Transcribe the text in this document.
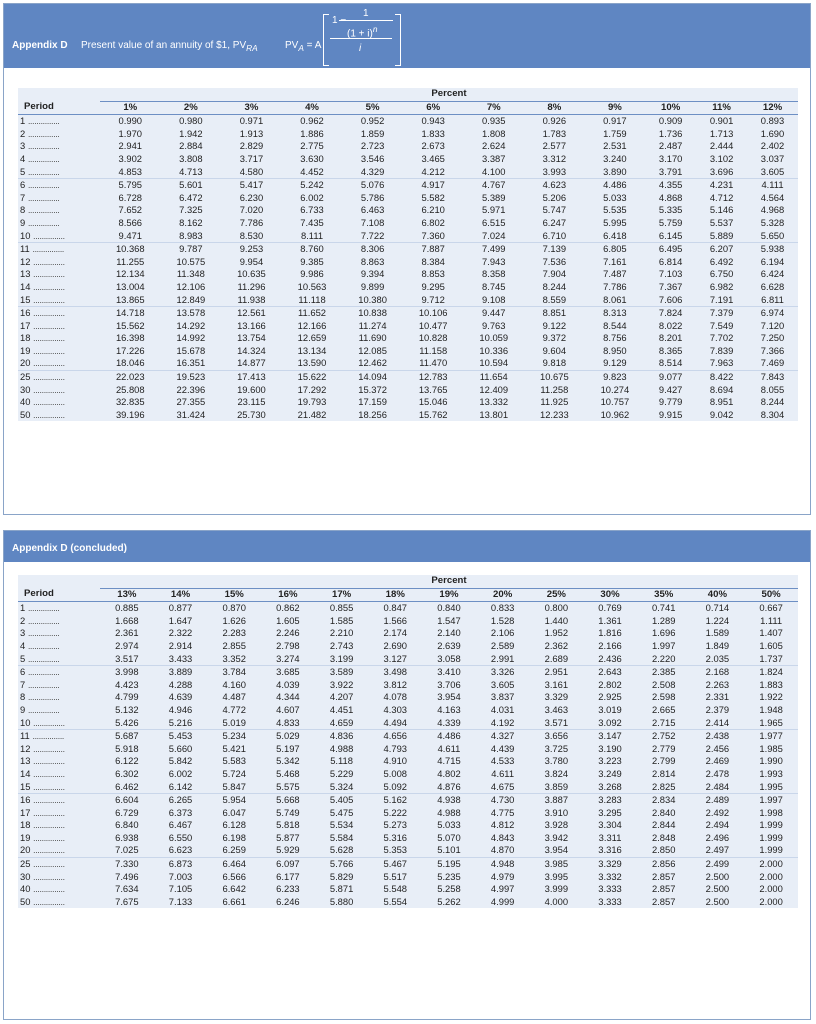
Appendix D Present value of an annuity of $1, $PV_{RA}$	$PV_A = A$
1 −
1
$(1 + i)^n$
i
	Percent											
Period	1%	2%	3%	4%	5%	6%	7%	8%	9%	10%	11%	12%
1 ...............	0.990	0.980	0.971	0.962	0.952	0.943	0.935	0.926	0.917	0.909	0.901	0.893
2 ...............	1.970	1.942	1.913	1.886	1.859	1.833	1.808	1.783	1.759	1.736	1.713	1.690
3 ...............	2.941	2.884	2.829	2.775	2.723	2.673	2.624	2.577	2.531	2.487	2.444	2.402
4 ...............	3.902	3.808	3.717	3.630	3.546	3.465	3.387	3.312	3.240	3.170	3.102	3.037
5 ...............	4.853	4.713	4.580	4.452	4.329	4.212	4.100	3.993	3.890	3.791	3.696	3.605
6 ...............	5.795	5.601	5.417	5.242	5.076	4.917	4.767	4.623	4.486	4.355	4.231	4.111
7 ...............	6.728	6.472	6.230	6.002	5.786	5.582	5.389	5.206	5.033	4.868	4.712	4.564
8 ...............	7.652	7.325	7.020	6.733	6.463	6.210	5.971	5.747	5.535	5.335	5.146	4.968
9 ...............	8.566	8.162	7.786	7.435	7.108	6.802	6.515	6.247	5.995	5.759	5.537	5.328
10 ...............	9.471	8.983	8.530	8.111	7.722	7.360	7.024	6.710	6.418	6.145	5.889	5.650
11 ...............	10.368	9.787	9.253	8.760	8.306	7.887	7.499	7.139	6.805	6.495	6.207	5.938
12 ...............	11.255	10.575	9.954	9.385	8.863	8.384	7.943	7.536	7.161	6.814	6.492	6.194
13 ...............	12.134	11.348	10.635	9.986	9.394	8.853	8.358	7.904	7.487	7.103	6.750	6.424
14 ...............	13.004	12.106	11.296	10.563	9.899	9.295	8.745	8.244	7.786	7.367	6.982	6.628
15 ...............	13.865	12.849	11.938	11.118	10.380	9.712	9.108	8.559	8.061	7.606	7.191	6.811
16 ...............	14.718	13.578	12.561	11.652	10.838	10.106	9.447	8.851	8.313	7.824	7.379	6.974
17 ...............	15.562	14.292	13.166	12.166	11.274	10.477	9.763	9.122	8.544	8.022	7.549	7.120
18 ...............	16.398	14.992	13.754	12.659	11.690	10.828	10.059	9.372	8.756	8.201	7.702	7.250
19 ...............	17.226	15.678	14.324	13.134	12.085	11.158	10.336	9.604	8.950	8.365	7.839	7.366
20 ...............	18.046	16.351	14.877	13.590	12.462	11.470	10.594	9.818	9.129	8.514	7.963	7.469
25 ...............	22.023	19.523	17.413	15.622	14.094	12.783	11.654	10.675	9.823	9.077	8.422	7.843
30 ...............	25.808	22.396	19.600	17.292	15.372	13.765	12.409	11.258	10.274	9.427	8.694	8.055
40 ...............	32.835	27.355	23.115	19.793	17.159	15.046	13.332	11.925	10.757	9.779	8.951	8.244
50 ...............	39.196	31.424	25.730	21.482	18.256	15.762	13.801	12.233	10.962	9.915	9.042	8.304
Appendix D (concluded)
	Percent												
Period	13%	14%	15%	16%	17%	18%	19%	20%	25%	30%	35%	40%	50%
1 ...............	0.885	0.877	0.870	0.862	0.855	0.847	0.840	0.833	0.800	0.769	0.741	0.714	0.667
2 ...............	1.668	1.647	1.626	1.605	1.585	1.566	1.547	1.528	1.440	1.361	1.289	1.224	1.111
3 ...............	2.361	2.322	2.283	2.246	2.210	2.174	2.140	2.106	1.952	1.816	1.696	1.589	1.407
4 ...............	2.974	2.914	2.855	2.798	2.743	2.690	2.639	2.589	2.362	2.166	1.997	1.849	1.605
5 ...............	3.517	3.433	3.352	3.274	3.199	3.127	3.058	2.991	2.689	2.436	2.220	2.035	1.737
6 ...............	3.998	3.889	3.784	3.685	3.589	3.498	3.410	3.326	2.951	2.643	2.385	2.168	1.824
7 ...............	4.423	4.288	4.160	4.039	3.922	3.812	3.706	3.605	3.161	2.802	2.508	2.263	1.883
8 ...............	4.799	4.639	4.487	4.344	4.207	4.078	3.954	3.837	3.329	2.925	2.598	2.331	1.922
9 ...............	5.132	4.946	4.772	4.607	4.451	4.303	4.163	4.031	3.463	3.019	2.665	2.379	1.948
10 ...............	5.426	5.216	5.019	4.833	4.659	4.494	4.339	4.192	3.571	3.092	2.715	2.414	1.965
11 ...............	5.687	5.453	5.234	5.029	4.836	4.656	4.486	4.327	3.656	3.147	2.752	2.438	1.977
12 ...............	5.918	5.660	5.421	5.197	4.988	4.793	4.611	4.439	3.725	3.190	2.779	2.456	1.985
13 ...............	6.122	5.842	5.583	5.342	5.118	4.910	4.715	4.533	3.780	3.223	2.799	2.469	1.990
14 ...............	6.302	6.002	5.724	5.468	5.229	5.008	4.802	4.611	3.824	3.249	2.814	2.478	1.993
15 ...............	6.462	6.142	5.847	5.575	5.324	5.092	4.876	4.675	3.859	3.268	2.825	2.484	1.995
16 ...............	6.604	6.265	5.954	5.668	5.405	5.162	4.938	4.730	3.887	3.283	2.834	2.489	1.997
17 ...............	6.729	6.373	6.047	5.749	5.475	5.222	4.988	4.775	3.910	3.295	2.840	2.492	1.998
18 ...............	6.840	6.467	6.128	5.818	5.534	5.273	5.033	4.812	3.928	3.304	2.844	2.494	1.999
19 ...............	6.938	6.550	6.198	5.877	5.584	5.316	5.070	4.843	3.942	3.311	2.848	2.496	1.999
20 ...............	7.025	6.623	6.259	5.929	5.628	5.353	5.101	4.870	3.954	3.316	2.850	2.497	1.999
25 ...............	7.330	6.873	6.464	6.097	5.766	5.467	5.195	4.948	3.985	3.329	2.856	2.499	2.000
30 ...............	7.496	7.003	6.566	6.177	5.829	5.517	5.235	4.979	3.995	3.332	2.857	2.500	2.000
40 ...............	7.634	7.105	6.642	6.233	5.871	5.548	5.258	4.997	3.999	3.333	2.857	2.500	2.000
50 ...............	7.675	7.133	6.661	6.246	5.880	5.554	5.262	4.999	4.000	3.333	2.857	2.500	2.000
